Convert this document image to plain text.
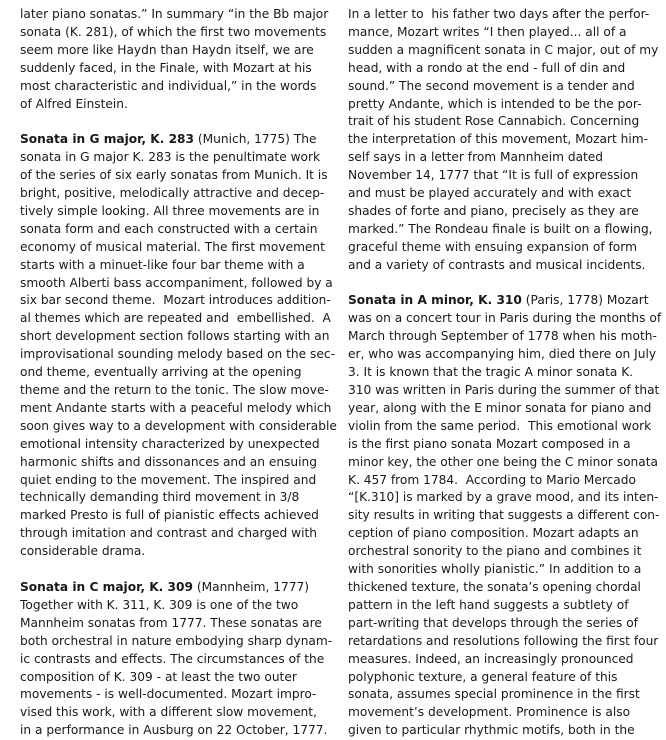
later piano sonatas.” In summary “in the Bb major
sonata (K. 281), of which the first two movements
seem more like Haydn than Haydn itself, we are
suddenly faced, in the Finale, with Mozart at his
most characteristic and individual,” in the words
of Alfred Einstein.
Sonata in G major, K. 283 (Munich, 1775) The
sonata in G major K. 283 is the penultimate work
of the series of six early sonatas from Munich. It is
bright, positive, melodically attractive and decep-
tively simple looking. All three movements are in
sonata form and each constructed with a certain
economy of musical material. The first movement
starts with a minuet-like four bar theme with a
smooth Alberti bass accompaniment, followed by a
six bar second theme.  Mozart introduces addition-
al themes which are repeated and  embellished.  A
short development section follows starting with an
improvisational sounding melody based on the sec-
ond theme, eventually arriving at the opening
theme and the return to the tonic. The slow move-
ment Andante starts with a peaceful melody which
soon gives way to a development with considerable
emotional intensity characterized by unexpected
harmonic shifts and dissonances and an ensuing
quiet ending to the movement. The inspired and
technically demanding third movement in 3/8
marked Presto is full of pianistic effects achieved
through imitation and contrast and charged with
considerable drama.
Sonata in C major, K. 309 (Mannheim, 1777)
Together with K. 311, K. 309 is one of the two
Mannheim sonatas from 1777. These sonatas are
both orchestral in nature embodying sharp dynam-
ic contrasts and effects. The circumstances of the
composition of K. 309 - at least the two outer
movements - is well-documented. Mozart impro-
vised this work, with a different slow movement,
in a performance in Ausburg on 22 October, 1777.
In a letter to  his father two days after the perfor-
mance, Mozart writes “I then played... all of a
sudden a magnificent sonata in C major, out of my
head, with a rondo at the end - full of din and
sound.” The second movement is a tender and
pretty Andante, which is intended to be the por-
trait of his student Rose Cannabich. Concerning
the interpretation of this movement, Mozart him-
self says in a letter from Mannheim dated
November 14, 1777 that “It is full of expression
and must be played accurately and with exact
shades of forte and piano, precisely as they are
marked.” The Rondeau finale is built on a flowing,
graceful theme with ensuing expansion of form
and a variety of contrasts and musical incidents.
Sonata in A minor, K. 310 (Paris, 1778) Mozart
was on a concert tour in Paris during the months of
March through September of 1778 when his moth-
er, who was accompanying him, died there on July
3. It is known that the tragic A minor sonata K.
310 was written in Paris during the summer of that
year, along with the E minor sonata for piano and
violin from the same period.  This emotional work
is the first piano sonata Mozart composed in a
minor key, the other one being the C minor sonata
K. 457 from 1784.  According to Mario Mercado
“[K.310] is marked by a grave mood, and its inten-
sity results in writing that suggests a different con-
ception of piano composition. Mozart adapts an
orchestral sonority to the piano and combines it
with sonorities wholly pianistic.” In addition to a
thickened texture, the sonata’s opening chordal
pattern in the left hand suggests a subtlety of
part-writing that develops through the series of
retardations and resolutions following the first four
measures. Indeed, an increasingly pronounced
polyphonic texture, a general feature of this
sonata, assumes special prominence in the first
movement’s development. Prominence is also
given to particular rhythmic motifs, both in the
